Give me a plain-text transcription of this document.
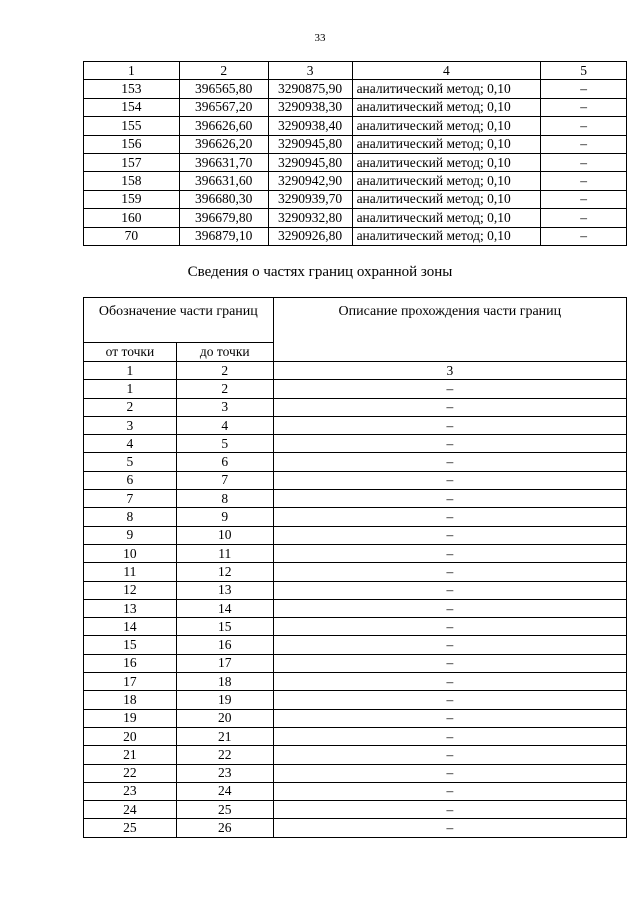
33
1	2	3	4	5
153	396565,80	3290875,90	аналитический метод; 0,10	–
154	396567,20	3290938,30	аналитический метод; 0,10	–
155	396626,60	3290938,40	аналитический метод; 0,10	–
156	396626,20	3290945,80	аналитический метод; 0,10	–
157	396631,70	3290945,80	аналитический метод; 0,10	–
158	396631,60	3290942,90	аналитический метод; 0,10	–
159	396680,30	3290939,70	аналитический метод; 0,10	–
160	396679,80	3290932,80	аналитический метод; 0,10	–
70	396879,10	3290926,80	аналитический метод; 0,10	–
Сведения о частях границ охранной зоны
Обозначение части границ		Описание прохождения части границ
от точки	до точки	
1	2	3
1	2	–
2	3	–
3	4	–
4	5	–
5	6	–
6	7	–
7	8	–
8	9	–
9	10	–
10	11	–
11	12	–
12	13	–
13	14	–
14	15	–
15	16	–
16	17	–
17	18	–
18	19	–
19	20	–
20	21	–
21	22	–
22	23	–
23	24	–
24	25	–
25	26	–
